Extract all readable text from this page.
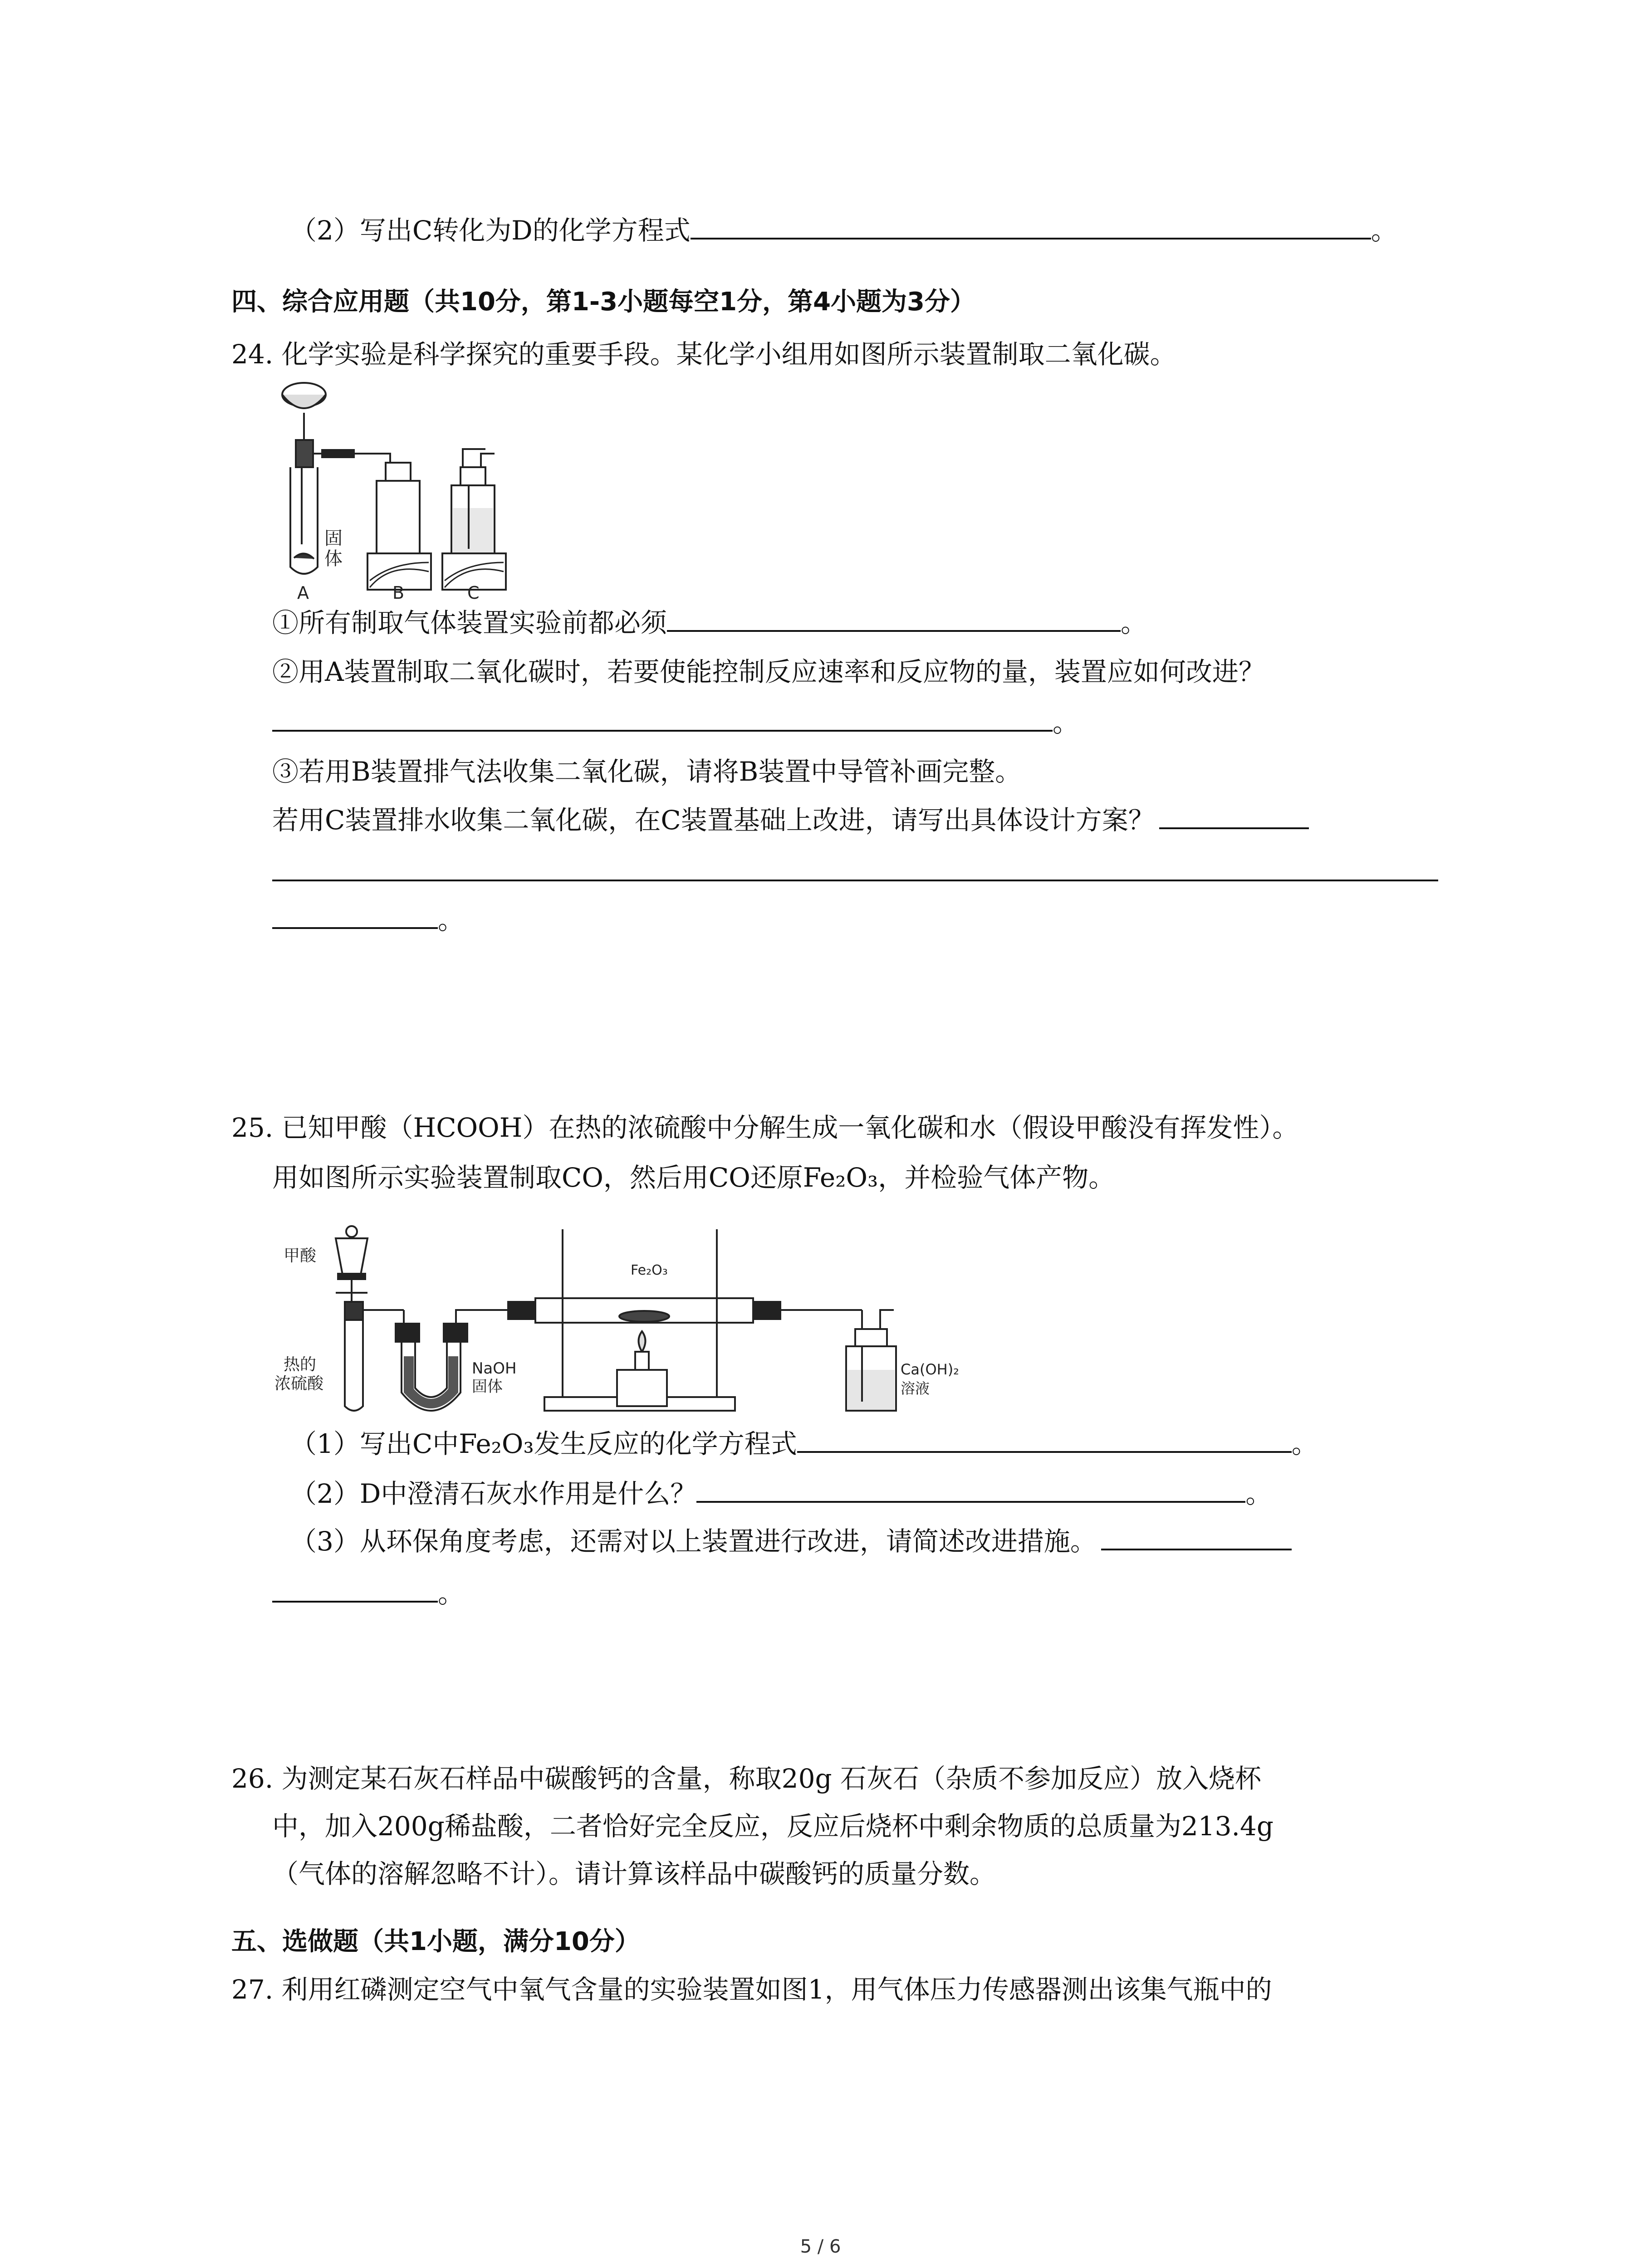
（2）写出C转化为D的化学方程式	。
四、综合应用题（共10分，第1-3小题每空1分，第4小题为3分）
24. 化学实验是科学探究的重要手段。某化学小组用如图所示装置制取二氧化碳。
固
体
A	B	C
①所有制取气体装置实验前都必须	。
②用A装置制取二氧化碳时，若要使能控制反应速率和反应物的量，装置应如何改进？
。
③若用B装置排气法收集二氧化碳，请将B装置中导管补画完整。
若用C装置排水收集二氧化碳，在C装置基础上改进，请写出具体设计方案？
。
25. 已知甲酸（HCOOH）在热的浓硫酸中分解生成一氧化碳和水（假设甲酸没有挥发性）。
用如图所示实验装置制取CO，然后用CO还原Fe₂O₃，并检验气体产物。
甲酸
热的
浓硫酸
NaOH
固体
Fe₂O₃
Ca(OH)₂
溶液
（1）写出C中Fe₂O₃发生反应的化学方程式	。
（2）D中澄清石灰水作用是什么？	。
（3）从环保角度考虑，还需对以上装置进行改进，请简述改进措施。
。
26. 为测定某石灰石样品中碳酸钙的含量，称取20g 石灰石（杂质不参加反应）放入烧杯
中，加入200g稀盐酸，二者恰好完全反应，反应后烧杯中剩余物质的总质量为213.4g
（气体的溶解忽略不计）。请计算该样品中碳酸钙的质量分数。
五、选做题（共1小题，满分10分）
27. 利用红磷测定空气中氧气含量的实验装置如图1，用气体压力传感器测出该集气瓶中的
5 / 6
